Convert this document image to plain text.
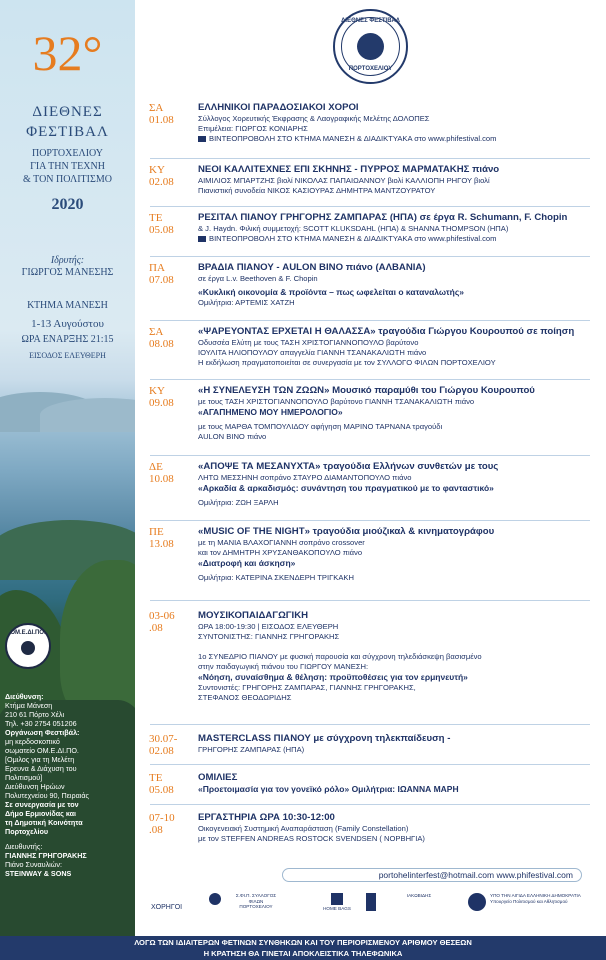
32°
ΔΙΕΘΝΕΣ
ΦΕΣΤΙΒΑΛ
ΠΟΡΤΟΧΕΛΙΟΥ
ΓΙΑ ΤΗΝ ΤΕΧΝΗ
& ΤΟΝ ΠΟΛΙΤΙΣΜΟ
2020
Ιδρυτής:
ΓΙΩΡΓΟΣ ΜΑΝΕΣΗΣ
ΚΤΗΜΑ ΜΑΝΕΣΗ
1-13 Αυγούστου
ΩΡΑ ΕΝΑΡΞΗΣ 21:15
ΕΙΣΟΔΟΣ ΕΛΕΥΘΕΡΗ
ΟΜ.Ε.ΔΙ.ΠΟ.
Διεύθυνση:
Κτήμα Μάνεση
210 61 Πόρτο Χέλι
Τηλ. +30 2754 051206
Οργάνωση Φεστιβάλ:
μη κερδοσκοπικό
σωματείο ΟΜ.Ε.ΔΙ.ΠΟ.
[Ομιλος για τη Μελέτη
Ερευνα & Διάχυση του
Πολιτισμού]
Διεύθυνση Ηρώων
Πολυτεχνείου 90, Πειραιάς
Σε συνεργασία με τον
Δήμο Ερμιονίδας και
τη Δημοτική Κοινότητα
Πορτοχελίου
Διευθυντής:
ΓΙΑΝΝΗΣ ΓΡΗΓΟΡΑΚΗΣ
Πιάνο Συναυλιών:
STEINWAY & SONS
ΔΙΕΘΝΕΣ ΦΕΣΤΙΒΑΛ
ΠΟΡΤΟΧΕΛΙΟΥ
ΣΑ
01.08
ΕΛΛΗΝΙΚΟΙ ΠΑΡΑΔΟΣΙΑΚΟΙ ΧΟΡΟΙ
Σύλλογος Χορευτικής Έκφρασης & Λαογραφικής Μελέτης ΔΟΛΟΠΕΣ
Επιμέλεια: ΓΙΩΡΓΟΣ ΚΟΝΙΑΡΗΣ
ΒΙΝΤΕΟΠΡΟΒΟΛΗ ΣΤΟ ΚΤΗΜΑ ΜΑΝΕΣΗ & ΔΙΑΔΙΚΤΥΑΚΑ στο www.phifestival.com
ΚΥ
02.08
ΝΕΟΙ ΚΑΛΛΙΤΕΧΝΕΣ ΕΠΙ ΣΚΗΝΗΣ - ΠΥΡΡΟΣ ΜΑΡΜΑΤΑΚΗΣ πιάνο
ΑΙΜΙΛΙΟΣ ΜΠΑΡΤΖΗΣ βιολί ΝΙΚΟΛΑΣ ΠΑΠΑΙΩΑΝΝΟΥ βιολί ΚΑΛΛΙΟΠΗ ΡΗΓΟΥ βιολί
Πιανιστική συνοδεία ΝΙΚΟΣ ΚΑΣΙΟΥΡΑΣ ΔΗΜΗΤΡΑ ΜΑΝΤΖΟΥΡΑΤΟΥ
ΤΕ
05.08
ΡΕΣΙΤΑΛ ΠΙΑΝΟΥ ΓΡΗΓΟΡΗΣ ΖΑΜΠΑΡΑΣ (ΗΠΑ) σε έργα R. Schumann, F. Chopin
& J. Haydn. Φιλική συμμετοχή: SCOTT KLUKSDAHL (ΗΠΑ) & SHANNA THOMPSON (ΗΠΑ)
ΒΙΝΤΕΟΠΡΟΒΟΛΗ ΣΤΟ ΚΤΗΜΑ ΜΑΝΕΣΗ & ΔΙΑΔΙΚΤΥΑΚΑ στο www.phifestival.com
ΠΑ
07.08
ΒΡΑΔΙΑ ΠΙΑΝΟΥ - AULON BINO πιάνο (ΑΛΒΑΝΙΑ)
σε έργα L.v. Beethoven & F. Chopin
«Κυκλική οικονομία & προϊόντα – πως ωφελείται ο καταναλωτής»
Ομιλήτρια: ΑΡΤΕΜΙΣ ΧΑΤΖΗ
ΣΑ
08.08
«ΨΑΡΕΥΟΝΤΑΣ ΕΡΧΕΤΑΙ Η ΘΑΛΑΣΣΑ» τραγούδια Γιώργου Κουρουπού σε ποίηση
Οδυσσέα Ελύτη με τους ΤΑΣΗ ΧΡΙΣΤΟΓΙΑΝΝΟΠΟΥΛΟ βαρύτονο
ΙΟΥΛΙΤΑ ΗΛΙΟΠΟΥΛΟΥ απαγγελία ΓΙΑΝΝΗ ΤΣΑΝΑΚΑΛΙΩΤΗ πιάνο
Η εκδήλωση πραγματοποιείται σε συνεργασία με τον ΣΥΛΛΟΓΟ ΦΙΛΩΝ ΠΟΡΤΟΧΕΛΙΟΥ
ΚΥ
09.08
«Η ΣΥΝΕΛΕΥΣΗ ΤΩΝ ΖΩΩΝ» Μουσικό παραμύθι του Γιώργου Κουρουπού
με τους ΤΑΣΗ ΧΡΙΣΤΟΓΙΑΝΝΟΠΟΥΛΟ βαρύτονο ΓΙΑΝΝΗ ΤΣΑΝΑΚΑΛΙΩΤΗ πιάνο
«ΑΓΑΠΗΜΕΝΟ ΜΟΥ ΗΜΕΡΟΛΟΓΙΟ»
με τους ΜΑΡΘΑ ΤΟΜΠΟΥΛΙΔΟΥ αφήγηση ΜΑΡΙΝΟ ΤΑΡΝΑΝΑ τραγούδι
AULON BINO πιάνο
ΔΕ
10.08
«ΑΠΟΨΕ ΤΑ ΜΕΣΑΝΥΧΤΑ» τραγούδια Ελλήνων συνθετών με τους
ΛΗΤΩ ΜΕΣΣΗΝΗ σοπράνο ΣΤΑΥΡΟ ΔΙΑΜΑΝΤΟΠΟΥΛΟ πιάνο
«Αρκαδία & αρκαδισμός: συνάντηση του πραγματικού με το φανταστικό»
Ομιλήτρια: ΖΩΗ ΞΑΡΛΗ
ΠΕ
13.08
«MUSIC OF THE NIGHT» τραγούδια μιούζικαλ & κινηματογράφου
με τη ΜΑΝΙΑ ΒΛΑΧΟΓΙΑΝΝΗ σοπράνο crossover
και τον ΔΗΜΗΤΡΗ ΧΡΥΣΑΝΘΑΚΟΠΟΥΛΟ πιάνο
«Διατροφή και άσκηση»
Ομιλήτρια: ΚΑΤΕΡΙΝΑ ΣΚΕΝΔΕΡΗ ΤΡΙΓΚΑΚΗ
03-06
.08
ΜΟΥΣΙΚΟΠΑΙΔΑΓΩΓΙΚΗ
ΩΡΑ 18:00-19:30 | ΕΙΣΟΔΟΣ ΕΛΕΥΘΕΡΗ
ΣΥΝΤΟΝΙΣΤΗΣ: ΓΙΑΝΝΗΣ ΓΡΗΓΟΡΑΚΗΣ
1ο ΣΥΝΕΔΡΙΟ ΠΙΑΝΟΥ με φυσική παρουσία και σύγχρονη τηλεδιάσκεψη βασισμένο
στην παιδαγωγική πιάνου του ΓΙΩΡΓΟΥ ΜΑΝΕΣΗ:
«Νόηση, συναίσθημα & θέληση: προϋποθέσεις για τον ερμηνευτή»
Συντονιστές: ΓΡΗΓΟΡΗΣ ΖΑΜΠΑΡΑΣ, ΓΙΑΝΝΗΣ ΓΡΗΓΟΡΑΚΗΣ,
ΣΤΕΦΑΝΟΣ ΘΕΟΔΩΡΙΔΗΣ
30.07-
02.08
MASTERCLASS ΠΙΑΝΟΥ με σύγχρονη τηλεκπαίδευση -
ΓΡΗΓΟΡΗΣ ΖΑΜΠΑΡΑΣ (ΗΠΑ)
ΤΕ
05.08
ΟΜΙΛΙΕΣ
«Προετοιμασία για τον γονεϊκό ρόλο» Ομιλήτρια: ΙΩΑΝΝΑ ΜΑΡΗ
07-10
.08
ΕΡΓΑΣΤΗΡΙΑ ΩΡΑ 10:30-12:00
Οικογενειακή Συστημική Αναπαράσταση (Family Constellation)
με τον STEFFEN ANDREAS ROSTOCK SVENDSEN ( ΝΟΡΒΗΓΙΑ)
portohelinterfest@hotmail.com www.phifestival.com
ΧΟΡΗΓΟΙ
Σ.ΦΙ.Π. ΣΥΛΛΟΓΟΣ ΦΙΛΩΝ ΠΟΡΤΟΧΕΛΙΟΥ	HOME BAGS
ΙΑΚΩΒΙΔΗΣ	ΥΠΟ ΤΗΝ ΑΙΓΙΔΑ ΕΛΛΗΝΙΚΗ ΔΗΜΟΚΡΑΤΙΑ Υπουργείο Πολιτισμού και Αθλητισμού
ΛΟΓΩ ΤΩΝ ΙΔΙΑΙΤΕΡΩΝ ΦΕΤΙΝΩΝ ΣΥΝΘΗΚΩΝ ΚΑΙ ΤΟΥ ΠΕΡΙΟΡΙΣΜΕΝΟΥ ΑΡΙΘΜΟΥ ΘΕΣΕΩΝ
Η ΚΡΑΤΗΣΗ ΘΑ ΓΙΝΕΤΑΙ ΑΠΟΚΛΕΙΣΤΙΚΑ ΤΗΛΕΦΩΝΙΚΑ
